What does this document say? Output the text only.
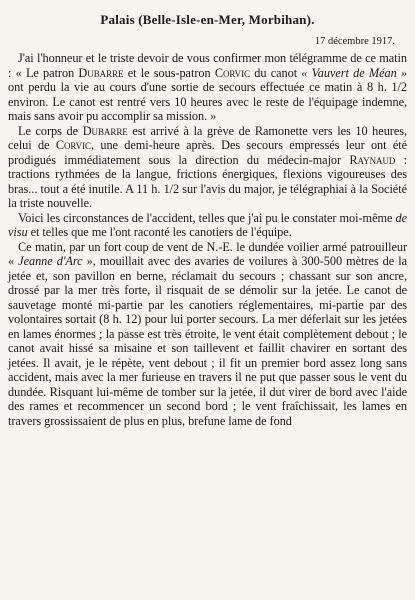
Palais (Belle-Isle-en-Mer, Morbihan).
17 décembre 1917.

J'ai l'honneur et le triste devoir de vous confirmer mon télégramme de ce matin : « Le patron Dubarre et le sous-patron Corvic du canot « Vauvert de Méan » ont perdu la vie au cours d'une sortie de secours effectuée ce matin à 8 h. 1/2 environ. Le canot est rentré vers 10 heures avec le reste de l'équipage indemne, mais sans avoir pu accomplir sa mission. »

Le corps de Dubarre est arrivé à la grève de Ramonette vers les 10 heures, celui de Corvic, une demi-heure après. Des secours empressés leur ont été prodigués immédiatement sous la direction du médecin-major Raynaud : tractions rythmées de la langue, frictions énergiques, flexions vigoureuses des bras... tout a été inutile. A 11 h. 1/2 sur l'avis du major, je télégraphiai à la Société la triste nouvelle.

Voici les circonstances de l'accident, telles que j'ai pu le constater moi-même de visu et telles que me l'ont raconté les canotiers de l'équipe.

Ce matin, par un fort coup de vent de N.-E. le dundée voilier armé patrouilleur « Jeanne d'Arc », mouillait avec des avaries de voilures à 300-500 mètres de la jetée et, son pavillon en berne, réclamait du secours ; chassant sur son ancre, drossé par la mer très forte, il risquait de se démolir sur la jetée. Le canot de sauvetage monté mi-partie par les canotiers réglementaires, mi-partie par des volontaires sortait (8 h. 12) pour lui porter secours. La mer déferlait sur les jetées en lames énormes ; la passe est très étroite, le vent était complètement debout ; le canot avait hissé sa misaine et son taillevent et faillit chavirer en sortant des jetées. Il avait, je le répète, vent debout ; il fit un premier bord assez long sans accident, mais avec la mer furieuse en travers il ne put que passer sous le vent du dundée. Risquant lui-même de tomber sur la jetée, il dut virer de bord avec l'aide des rames et recommencer un second bord ; le vent fraîchissait, les lames en travers grossissaient de plus en plus, brefune lame de fond
